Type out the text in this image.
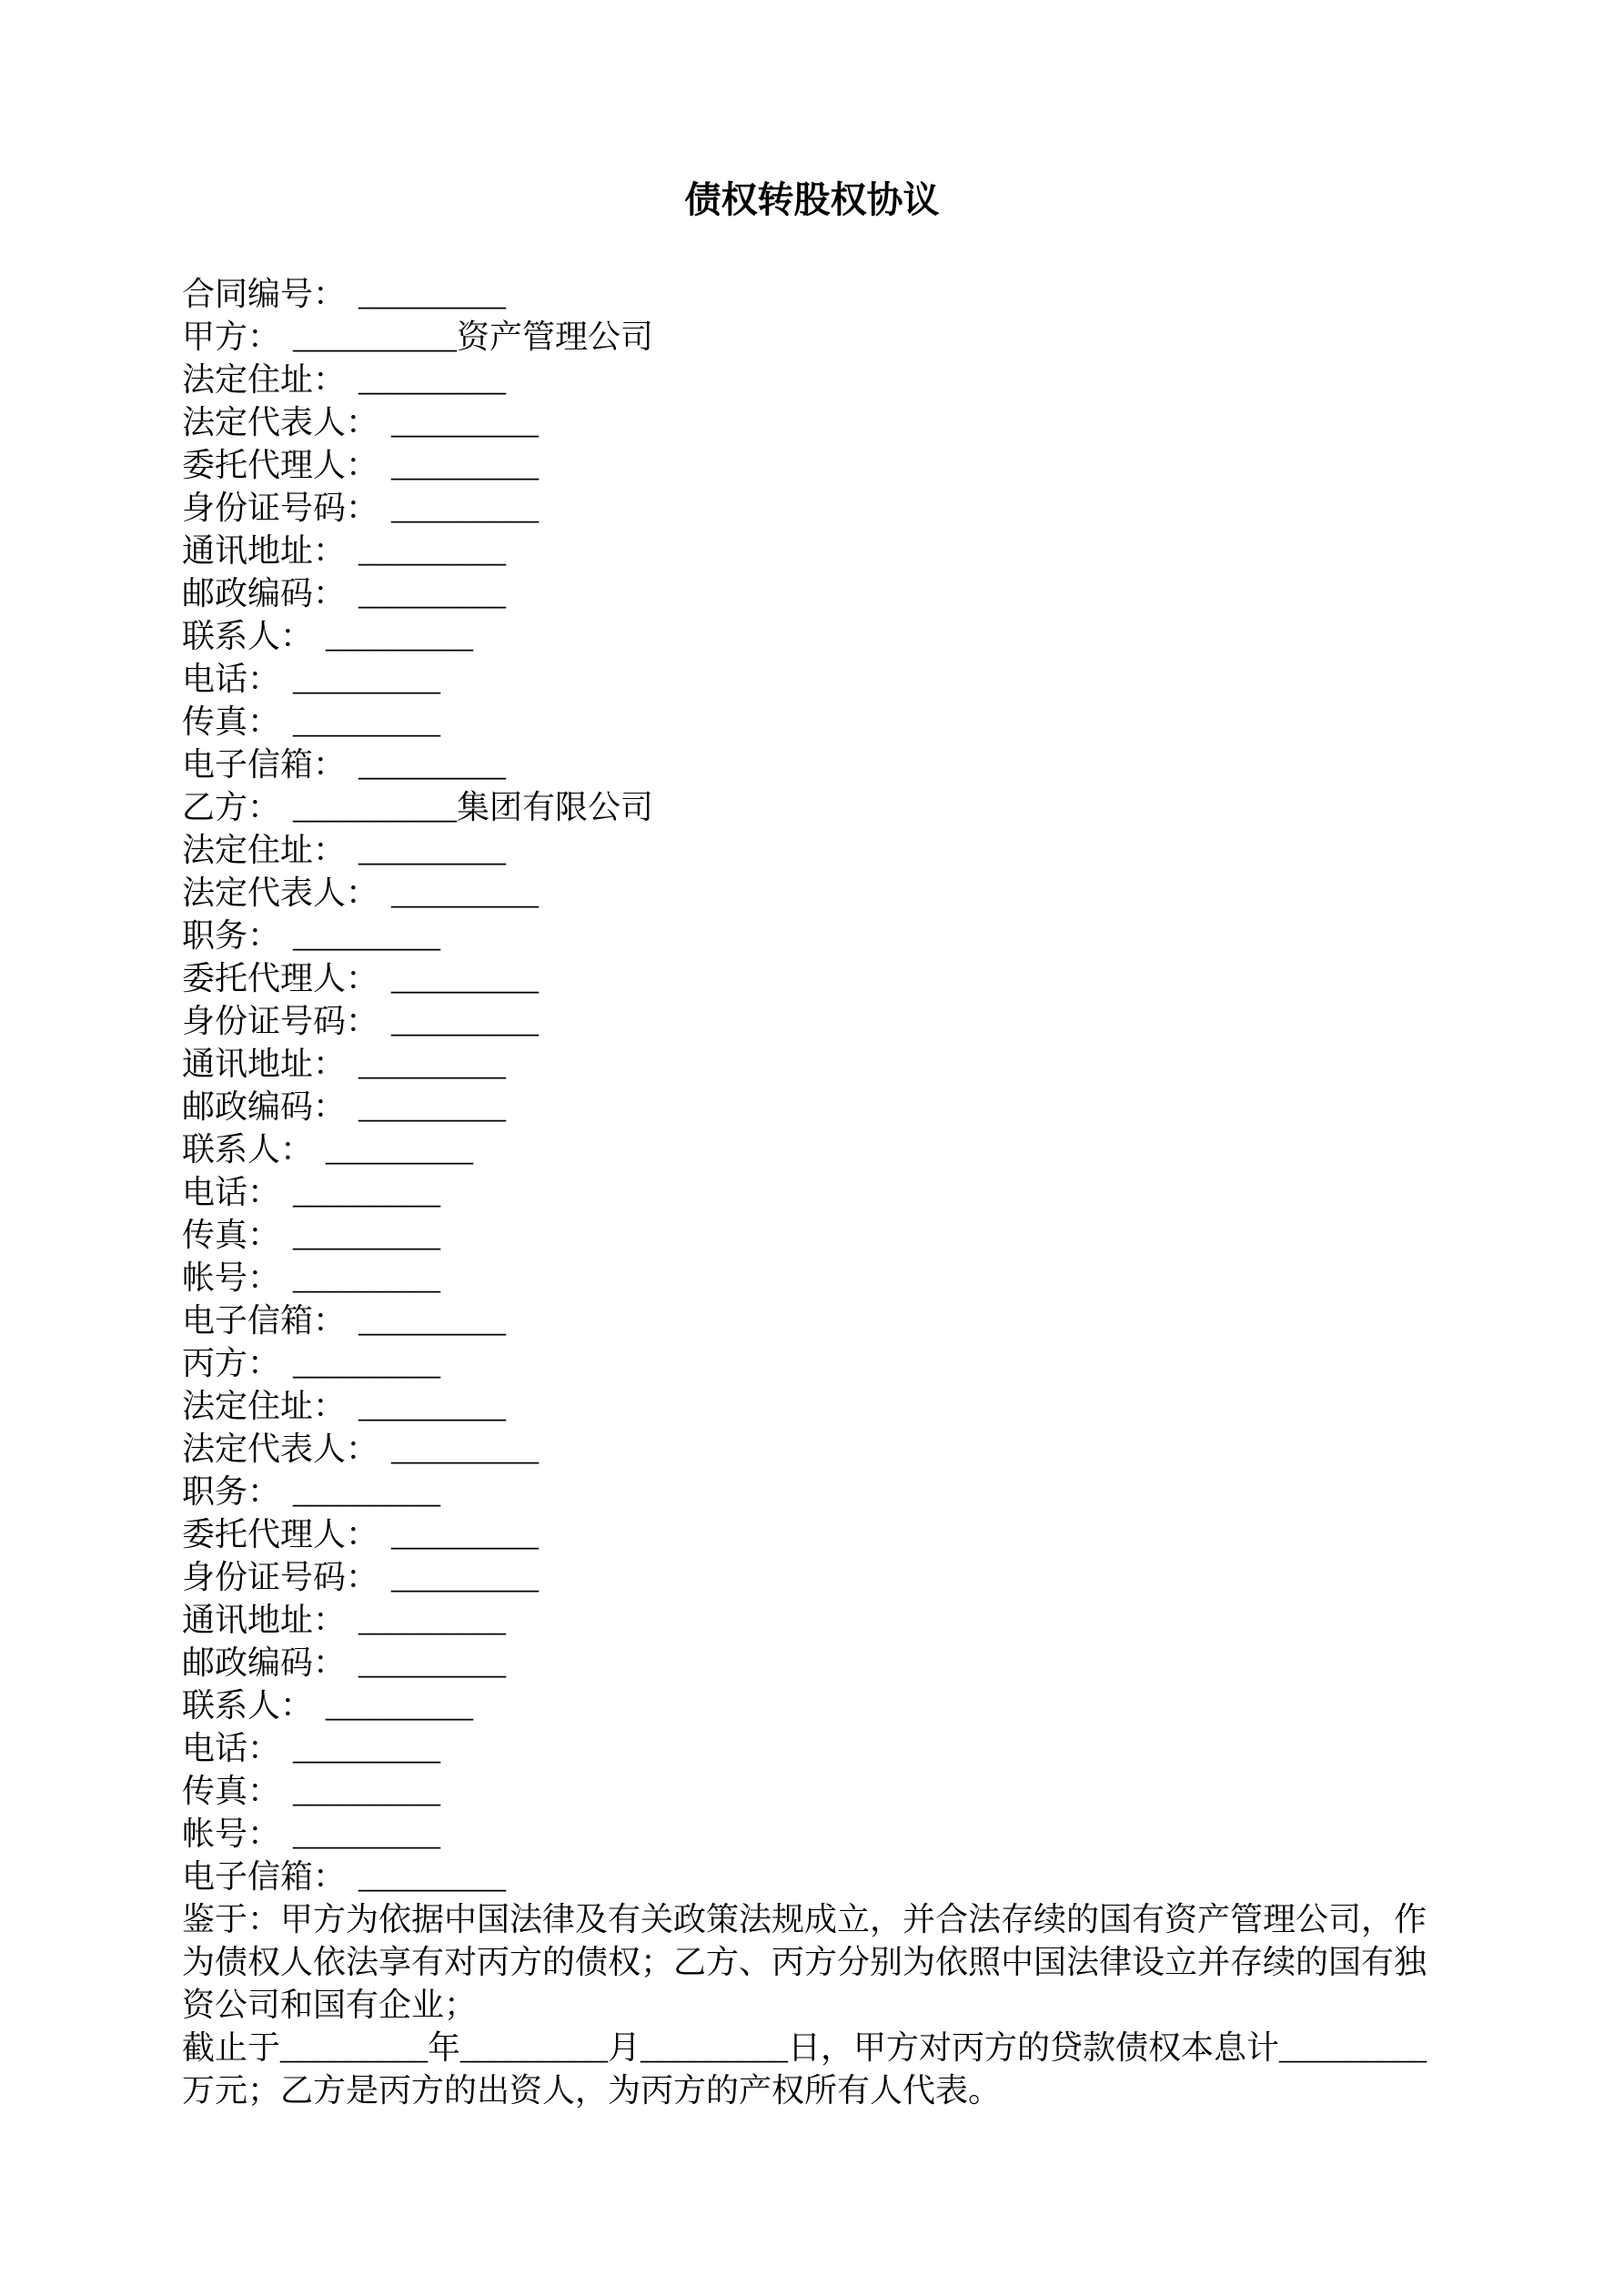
债权转股权协议
合同编号： _________
甲方： __________资产管理公司
法定住址： _________
法定代表人： _________
委托代理人： _________
身份证号码： _________
通讯地址： _________
邮政编码： _________
联系人： _________
电话： _________
传真： _________
电子信箱： _________
乙方： __________集团有限公司
法定住址： _________
法定代表人： _________
职务： _________
委托代理人： _________
身份证号码： _________
通讯地址： _________
邮政编码： _________
联系人： _________
电话： _________
传真： _________
帐号： _________
电子信箱： _________
丙方： _________
法定住址： _________
法定代表人： _________
职务： _________
委托代理人： _________
身份证号码： _________
通讯地址： _________
邮政编码： _________
联系人： _________
电话： _________
传真： _________
帐号： _________
电子信箱： _________

鉴于：甲方为依据中国法律及有关政策法规成立，并合法存续的国有资产管理公司，作为债权人依法享有对丙方的债权；乙方、丙方分别为依照中国法律设立并存续的国有独资公司和国有企业；

截止于_________年_________月_________日，甲方对丙方的贷款债权本息计_________万元；乙方是丙方的出资人，为丙方的产权所有人代表。
